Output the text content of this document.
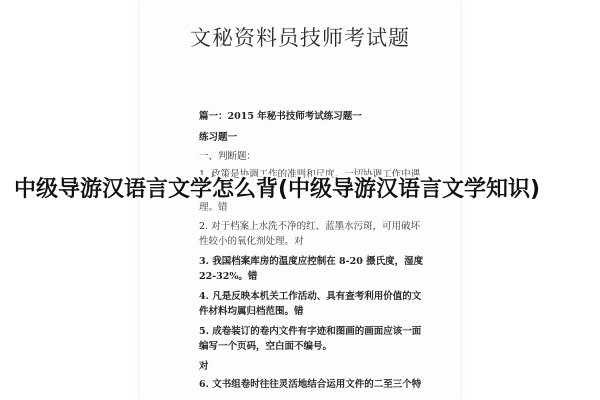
文秘资料员技师考试题
篇一：2015 年秘书技师考试练习题一
练习题一
一、判断题：
1. 政策是协调工作的准则和尺度。一切协调工作中遇
理。错
2. 对于档案上水洗不净的红、蓝墨水污斑，可用破坏
性较小的氧化剂处理。对
3. 我国档案库房的温度应控制在 8-20 摄氏度，湿度
22-32%。错
4. 凡是反映本机关工作活动、具有查考利用价值的文
件材料均属归档范围。错
5. 成卷装订的卷内文件有字迹和图画的画面应该一面
编写一个页码，空白面不编号。
对
6. 文书组卷时往往灵活地结合运用文件的二至三个特
中级导游汉语言文学怎么背(中级导游汉语言文学知识)
